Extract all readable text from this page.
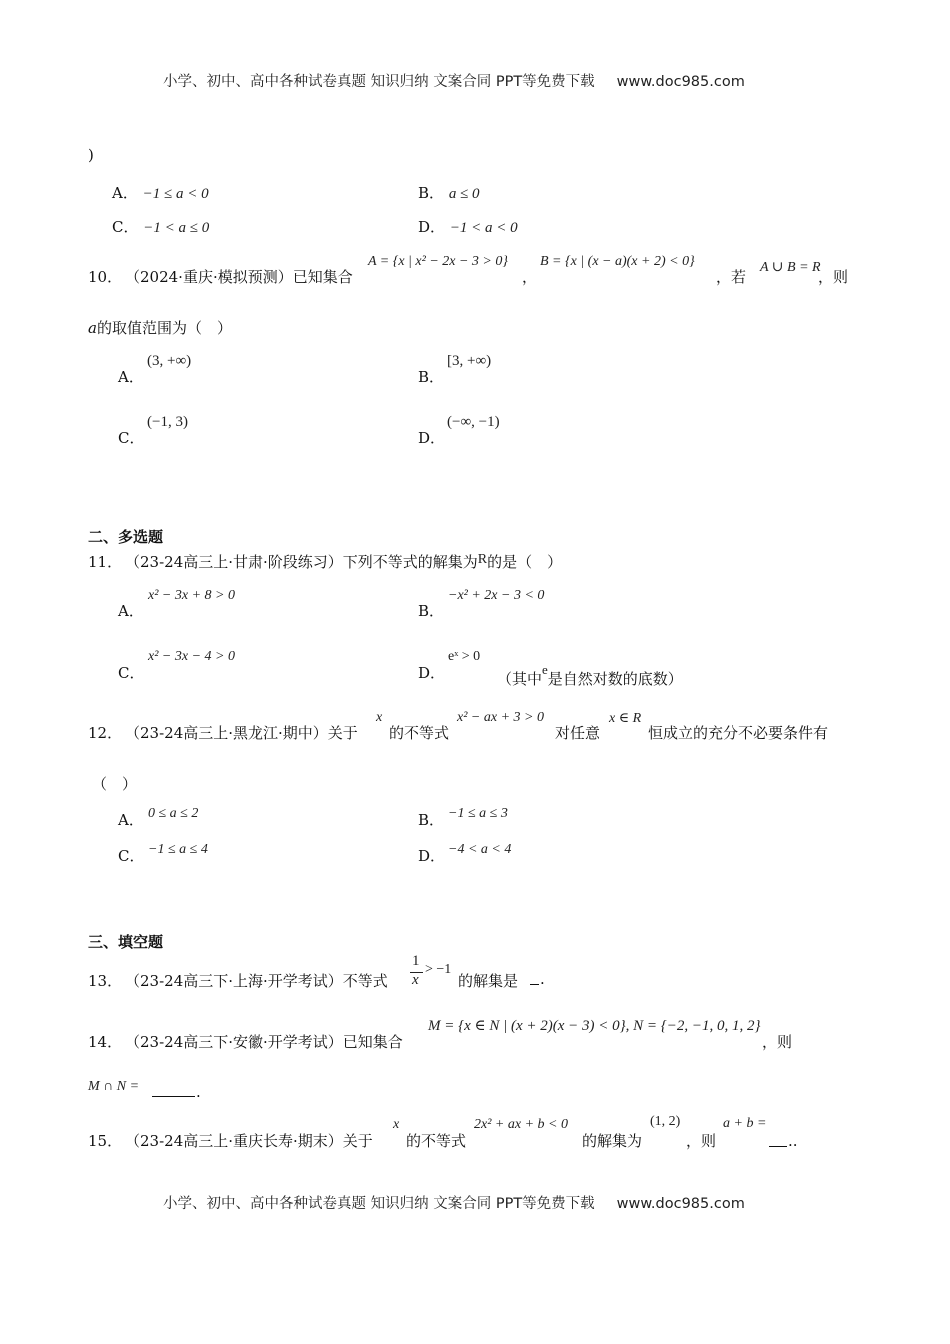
小学、初中、高中各种试卷真题 知识归纳 文案合同 PPT等免费下载 www.doc985.com
)
A． −1 ≤ a < 0	B． a ≤ 0
C． −1 < a ≤ 0	D． −1 < a < 0
10． （2024·重庆·模拟预测）已知集合
A = {x | x² − 2x − 3 > 0}
，
B = {x | (x − a)(x + 2) < 0}
，若
A ∪ B = R
，则
a的取值范围为（　）
A．
(3, +∞)
B．
[3, +∞)
C．
(−1, 3)
D．
(−∞, −1)
二、多选题
11． （23-24高三上·甘肃·阶段练习）下列不等式的解集为R的是（　）
A．
x² − 3x + 8 > 0
B．
−x² + 2x − 3 < 0
C．
x² − 3x − 4 > 0
D．
eˣ > 0
（其中e是自然对数的底数）
12． （23-24高三上·黑龙江·期中）关于
x
的不等式
x² − ax + 3 > 0
对任意
x ∈ R
恒成立的充分不必要条件有
（　）
A． 0 ≤ a ≤ 2	B． −1 ≤ a ≤ 3
C． −1 ≤ a ≤ 4	D． −4 < a < 4
三、填空题
13． （23-24高三下·上海·开学考试）不等式 $\frac{1}{x} > -1$
的解集是 .
14． （23-24高三下·安徽·开学考试）已知集合
M = {x ∈ N | (x + 2)(x − 3) < 0}, N = {−2, −1, 0, 1, 2}
，则
M ∩ N =	.
15． （23-24高三上·重庆长寿·期末）关于
x
的不等式
2x² + ax + b < 0
的解集为
(1, 2)
，则
a + b =
..
小学、初中、高中各种试卷真题 知识归纳 文案合同 PPT等免费下载 www.doc985.com
